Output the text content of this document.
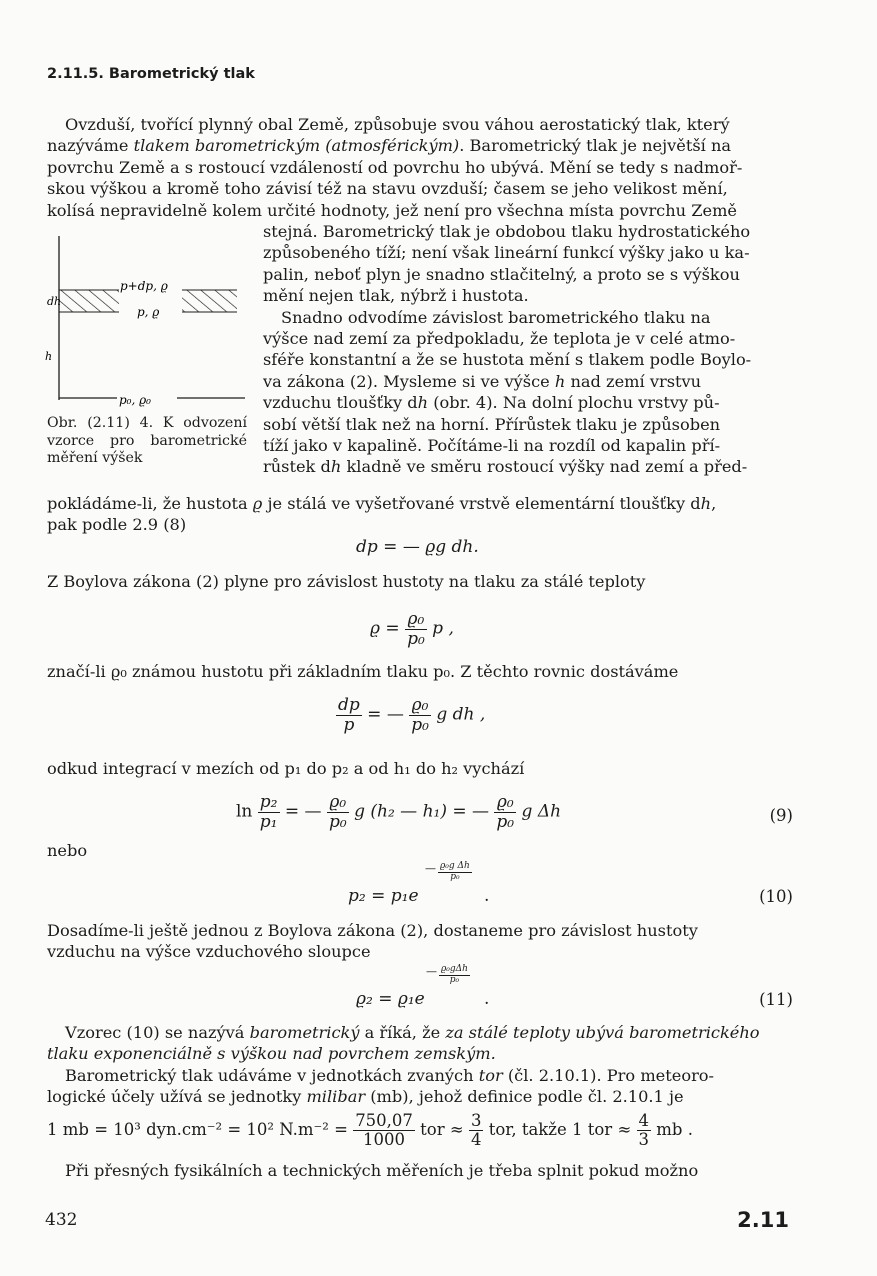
2.11.5. Barometrický tlak

Ovzduší, tvořící plynný obal Země, způsobuje svou váhou aerostatický tlak, který

nazýváme tlakem barometrickým (atmosférickým). Barometrický tlak je největší na

povrchu Země a s rostoucí vzdáleností od povrchu ho ubývá. Mění se tedy s nadmoř-

skou výškou a kromě toho závisí též na stavu ovzduší; časem se jeho velikost mění,

kolísá nepravidelně kolem určité hodnoty, jež není pro všechna místa povrchu Země

stejná. Barometrický tlak je obdobou tlaku hydrostatického

způsobeného tíží; není však lineární funkcí výšky jako u ka-

palin, neboť plyn je snadno stlačitelný, a proto se s výškou

mění nejen tlak, nýbrž i hustota.

Snadno odvodíme závislost barometrického tlaku na

výšce nad zemí za předpokladu, že teplota je v celé atmo-

sféře konstantní a že se hustota mění s tlakem podle Boylo-

va zákona (2). Mysleme si ve výšce h nad zemí vrstvu

vzduchu tloušťky dh (obr. 4). Na dolní plochu vrstvy pů-

sobí větší tlak než na horní. Přírůstek tlaku je způsoben

tíží jako v kapalině. Počítáme-li na rozdíl od kapalin pří-

růstek dh kladně ve směru rostoucí výšky nad zemí a před-

p+dp, ϱ
p, ϱ
dh
h
p₀, ϱ₀
Obr. (2.11) 4. K odvození vzorce pro barometrické měření výšek

pokládáme-li, že hustota ϱ je stálá ve vyšetřované vrstvě elementární tloušťky dh,

pak podle 2.9 (8)

dp = — ϱg dh.
Z Boylova zákona (2) plyne pro závislost hustoty na tlaku za stálé teploty
$ϱ = \frac{\text{ϱ₀}}{\text{p₀}}$ p ,
značí-li ϱ₀ známou hustotu při základním tlaku p₀. Z těchto rovnic dostáváme
$\frac{dp}{p}$ = — $\frac{\text{ϱ₀}}{\text{p₀}}$ g dh ,
odkud integrací v mezích od p₁ do p₂ a od h₁ do h₂ vychází
$\ln \frac{\text{p₂}}{\text{p₁}}$ = — $\frac{\text{ϱ₀}}{\text{p₀}}$ g (h₂ — h₁) = — $\frac{\text{ϱ₀}}{\text{p₀}}$ g Δh	(9)
nebo
p₂ = p₁e
— $\frac{\text{ϱ₀g Δh}}{\text{p₀}}$
.	(10)

Dosadíme-li ještě jednou z Boylova zákona (2), dostaneme pro závislost hustoty

vzduchu na výšce vzduchového sloupce

ϱ₂ = ϱ₁e
— ϱ₀gΔh
p₀
.	(11)

Vzorec (10) se nazývá barometrický a říká, že za stálé teploty ubývá barometrického

tlaku exponenciálně s výškou nad povrchem zemským.

Barometrický tlak udáváme v jednotkách zvaných tor (čl. 2.10.1). Pro meteoro-

logické účely užívá se jednotky milibar (mb), jehož definice podle čl. 2.10.1 je

1 mb = 10³ dyn.cm⁻² = 10² $N.m^{-2} = \frac{750,07}{1000}$ tor ≈ $\frac{3}{4}$ tor, takže 1 tor ≈ $\frac{4}{3}$ mb .

Při přesných fysikálních a technických měřeních je třeba splnit pokud možno

432	2.11
